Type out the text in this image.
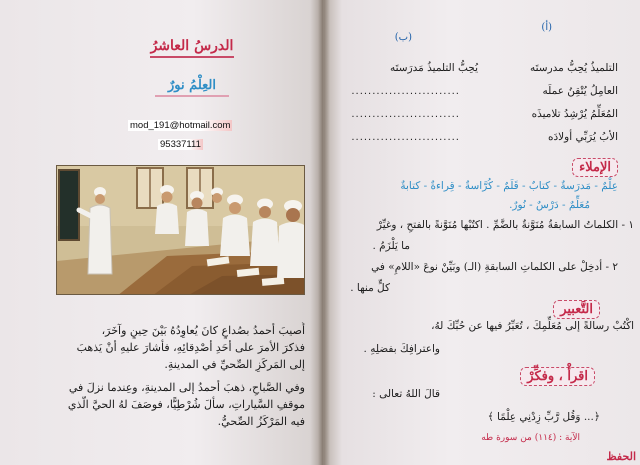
الدرسُ العاشرُ
العِلْمُ نورٌ
mod_191@hotmail.com
95337111
أُصيبَ أحمدُ بصُداعٍ كانَ يُعاوِدُهُ بَيْنَ حِينٍ وآخَرَ،
فذكرَ الأمرَ على أحَدِ أصْدِقائِهِ، فأشارَ عليهِ أنْ يَذهبَ
إلى المَركَزِ الصِّحيِّ في المدينةِ.
وفي الصَّباحِ، ذهبَ أحمدُ إلى المدينةِ، وعِندما نزلَ في
موقفِ السَّياراتِ، سألَ شُرْطِيًّا، فوصَفَ لهُ الحيَّ الَّذي
فيه المَرْكَزُ الصِّحيُّ.
(أ)
(ب)
التلميذُ يُحِبُّ مدرستَه
العامِلُ يُتْقِنُ عملَه
المُعَلِّمُ يُرْشِدُ تلاميذَه
الأبُ يُرَبِّي أولادَه
يُحِبُّ التلميذُ مَدرَستَه
..........................
..........................
..........................
الإملاء
عِلْمٌ - مَدرَسةٌ - كتابٌ - قَلَمٌ - كُرَّاسةٌ - قِراءةٌ - كتابةٌ
مُعَلِّمٌ - دَرْسٌ - نُورٌ.
١ - الكلماتُ السابقةُ مُنَوَّنةٌ بالضَّمِّ . اكتُبْها مُنَوَّنةً بالفتحِ ، وغيِّرْ
ما يَلْزَمُ .
٢ - أدخِلْ على الكلماتِ السابقةِ (الـ) وبَيِّنْ نوعَ «اللامِ» في
كلٍّ منها .
التَّعبير
اكْتُبْ رسالةً إلى مُعَلِّمِكَ ، تُعَبِّرُ فيها عن حُبِّكَ لهُ،
واعترافِكَ بفضلِهِ .
اقرأْ ، وفكِّرْ
قالَ اللهُ تعالى :
﴿... وَقُل رَّبِّ زِدْنِي عِلْمًا ﴾
الآية : (١١٤) من سورة طه
الحفظ
